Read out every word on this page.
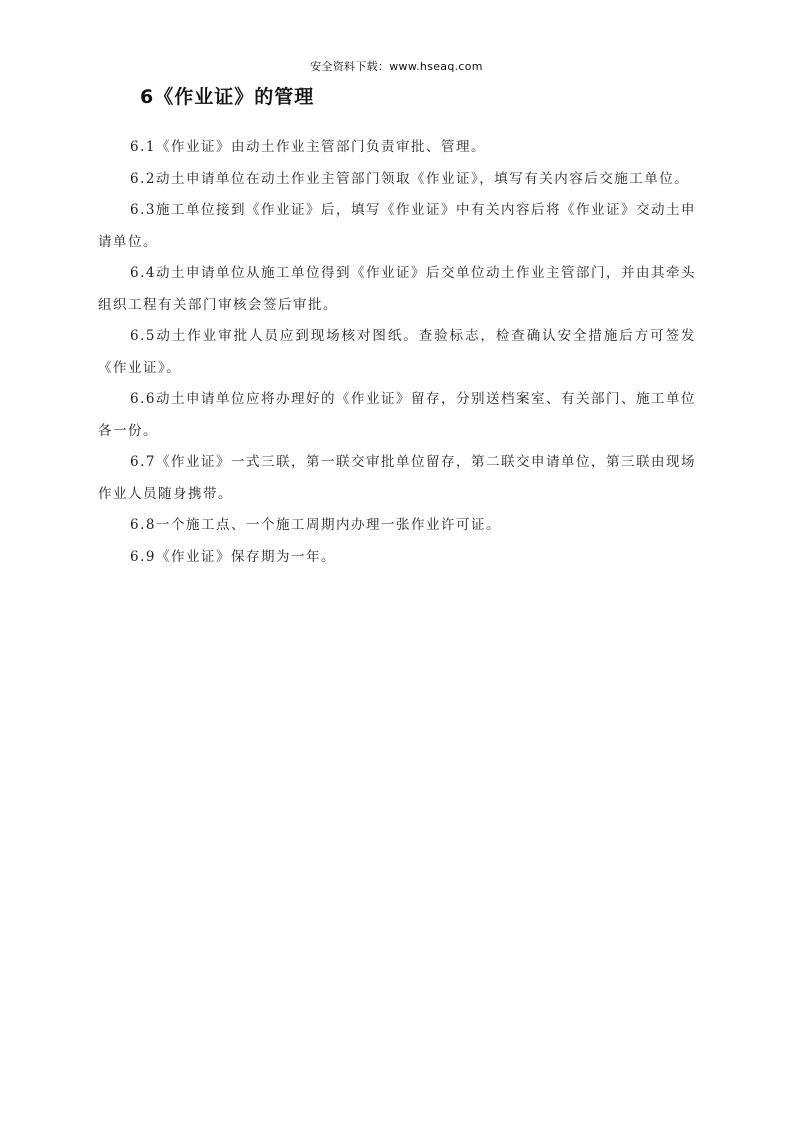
安全资料下载：www.hseaq.com
6《作业证》的管理

6.1《作业证》由动土作业主管部门负责审批、管理。

6.2动土申请单位在动土作业主管部门领取《作业证》，填写有关内容后交施工单位。

6.3施工单位接到《作业证》后，填写《作业证》中有关内容后将《作业证》交动土申请单位。

6.4动土申请单位从施工单位得到《作业证》后交单位动土作业主管部门，并由其牵头组织工程有关部门审核会签后审批。

6.5动土作业审批人员应到现场核对图纸。查验标志，检查确认安全措施后方可签发《作业证》。

6.6动土申请单位应将办理好的《作业证》留存，分别送档案室、有关部门、施工单位各一份。

6.7《作业证》一式三联，第一联交审批单位留存，第二联交申请单位，第三联由现场作业人员随身携带。

6.8一个施工点、一个施工周期内办理一张作业许可证。

6.9《作业证》保存期为一年。
